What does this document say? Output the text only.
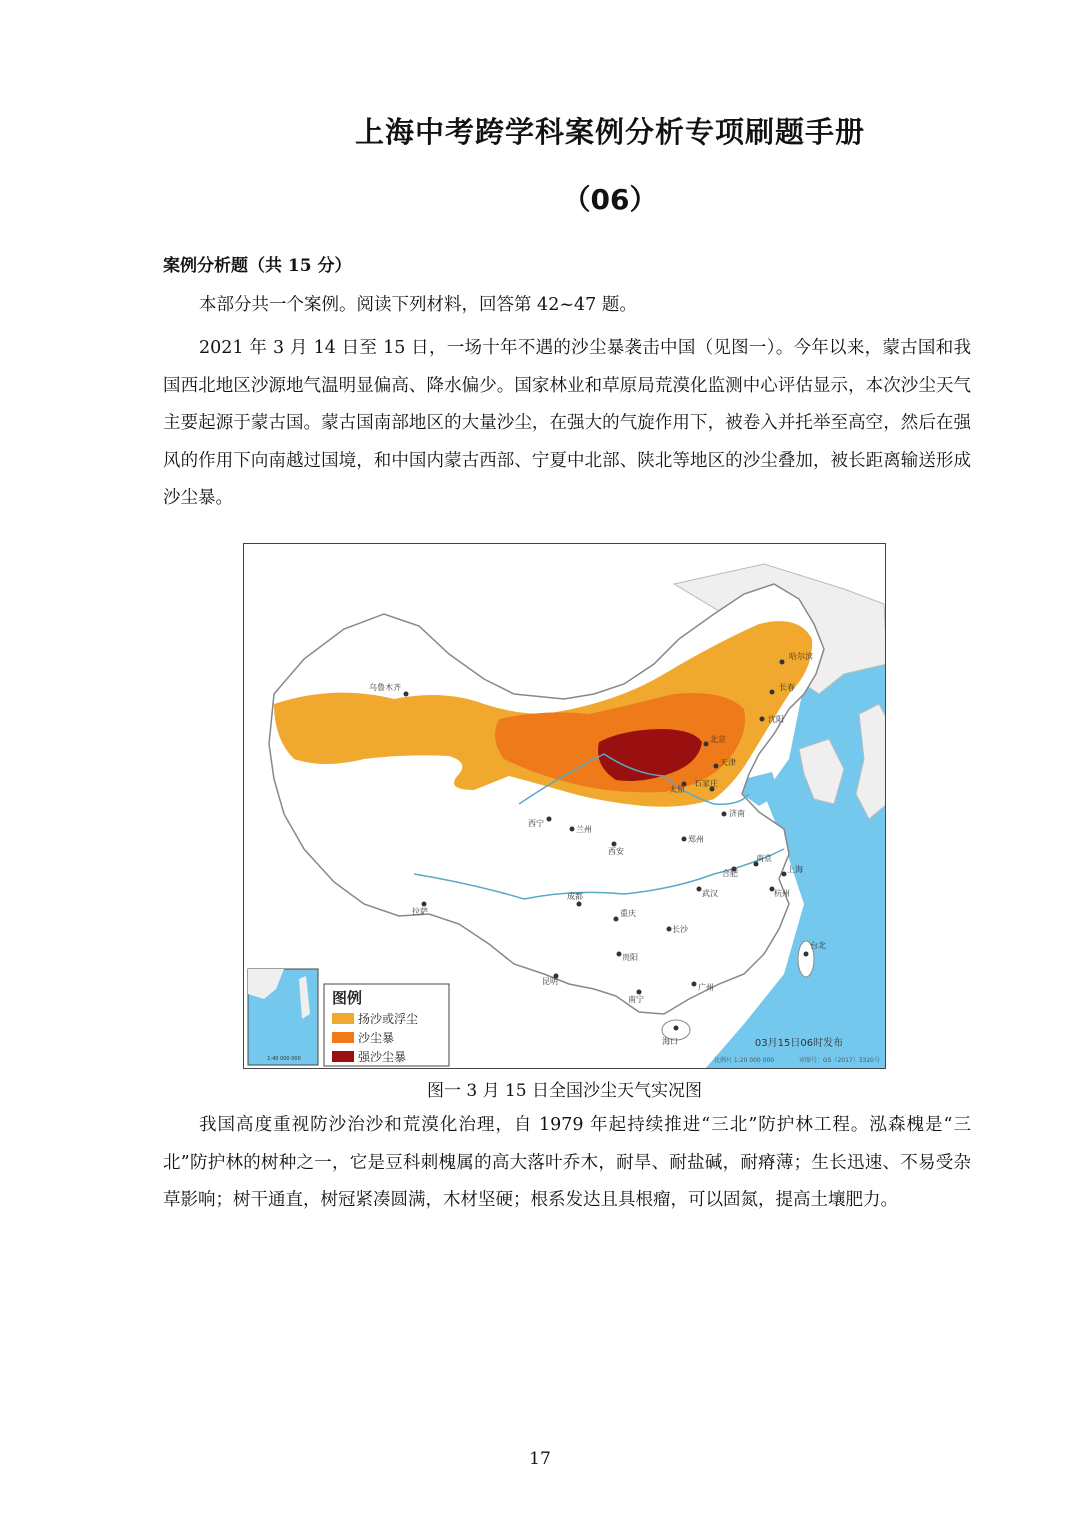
上海中考跨学科案例分析专项刷题手册
（06）
案例分析题（共 15 分）

本部分共一个案例。阅读下列材料，回答第 42~47 题。

2021 年 3 月 14 日至 15 日，一场十年不遇的沙尘暴袭击中国（见图一）。今年以来，蒙古国和我国西北地区沙源地气温明显偏高、降水偏少。国家林业和草原局荒漠化监测中心评估显示，本次沙尘天气主要起源于蒙古国。蒙古国南部地区的大量沙尘，在强大的气旋作用下，被卷入并托举至高空，然后在强风的作用下向南越过国境，和中国内蒙古西部、宁夏中北部、陕北等地区的沙尘叠加，被长距离输送形成沙尘暴。

乌鲁木齐
哈尔滨
长春
沈阳
北京
天津
太原
石家庄
济南
西宁
兰州
西安
郑州
合肥
南京
上海
杭州
武汉
成都
重庆
长沙
贵阳
拉萨
昆明
南宁
广州
海口
台北
1:40 000 000
图例
扬沙或浮尘
沙尘暴
强沙尘暴
03月15日06时发布
比例尺 1:20 000 000	审图号：GS（2017）3320号
图一 3 月 15 日全国沙尘天气实况图

我国高度重视防沙治沙和荒漠化治理，自 1979 年起持续推进“三北”防护林工程。泓森槐是“三北”防护林的树种之一，它是豆科刺槐属的高大落叶乔木，耐旱、耐盐碱，耐瘠薄；生长迅速、不易受杂草影响；树干通直，树冠紧凑圆满，木材坚硬；根系发达且具根瘤，可以固氮，提高土壤肥力。

17
